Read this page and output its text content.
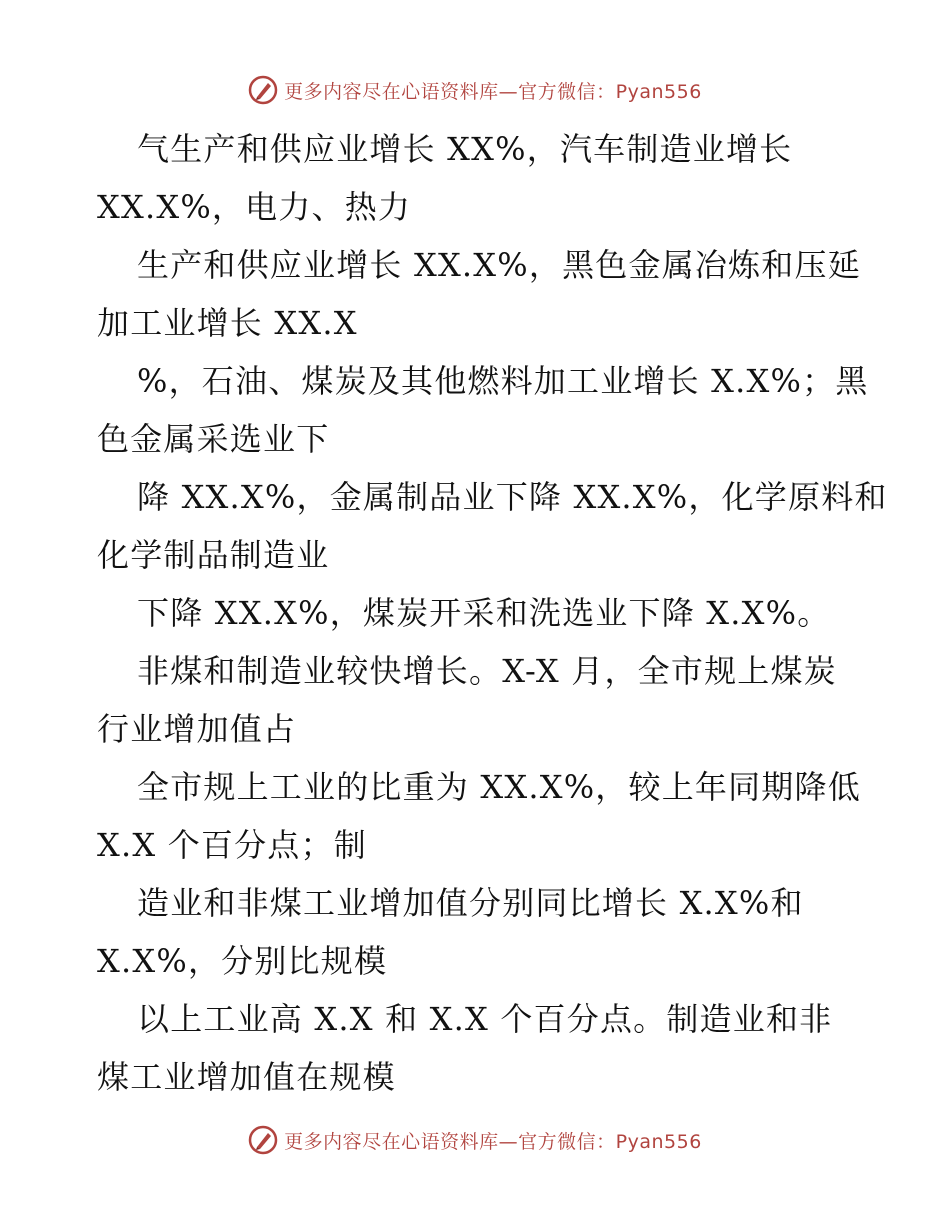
更多内容尽在心语资料库—官方微信：Pyan556

气生产和供应业增长 XX%，汽车制造业增长
XX.X%，电力、热力

生产和供应业增长 XX.X%，黑色金属冶炼和压延
加工业增长 XX.X

%，石油、煤炭及其他燃料加工业增长 X.X%；黑
色金属采选业下

降 XX.X%，金属制品业下降 XX.X%，化学原料和
化学制品制造业

下降 XX.X%，煤炭开采和洗选业下降 X.X%。

非煤和制造业较快增长。X-X 月，全市规上煤炭
行业增加值占

全市规上工业的比重为 XX.X%，较上年同期降低
X.X 个百分点；制

造业和非煤工业增加值分别同比增长 X.X%和
X.X%，分别比规模

以上工业高 X.X 和 X.X 个百分点。制造业和非
煤工业增加值在规模

更多内容尽在心语资料库—官方微信：Pyan556
